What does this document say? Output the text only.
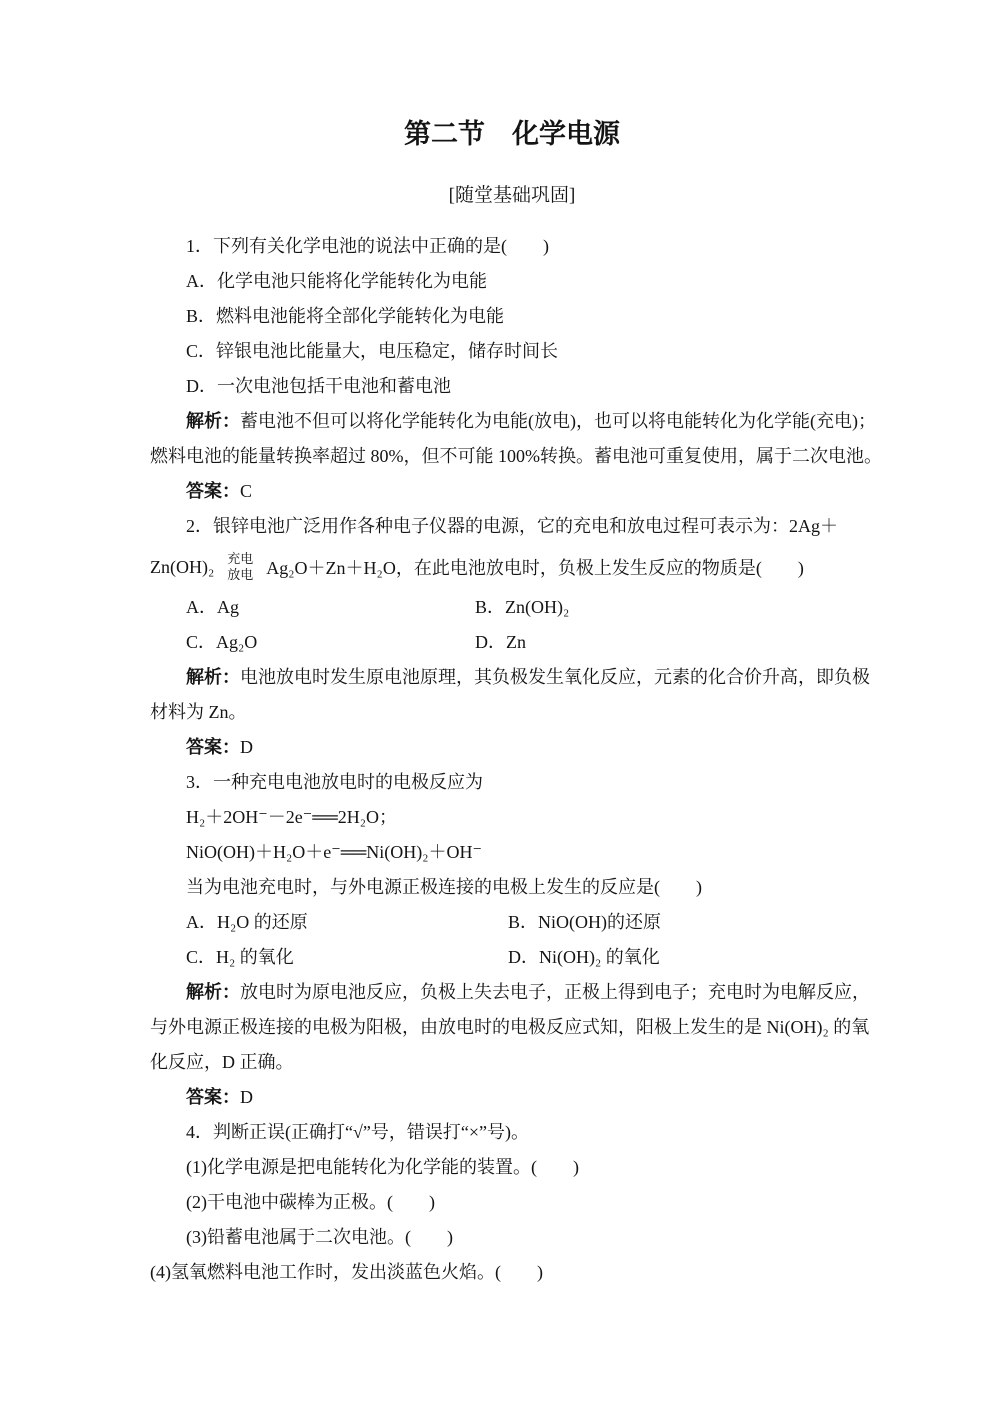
第二节　化学电源
[随堂基础巩固]
1．下列有关化学电池的说法中正确的是(　　)
A．化学电池只能将化学能转化为电能
B．燃料电池能将全部化学能转化为电能
C．锌银电池比能量大，电压稳定，储存时间长
D．一次电池包括干电池和蓄电池
解析：蓄电池不但可以将化学能转化为电能(放电)，也可以将电能转化为化学能(充电)；
燃料电池的能量转换率超过 80%，但不可能 100%转换。蓄电池可重复使用，属于二次电池。
答案：C
2．银锌电池广泛用作各种电子仪器的电源，它的充电和放电过程可表示为：2Ag＋
Zn(OH)₂ 充电
放电 Ag₂O＋Zn＋H₂O，在此电池放电时，负极上发生反应的物质是(　　)
A．Ag	B．Zn(OH)₂
C．Ag₂O	D．Zn
解析：电池放电时发生原电池原理，其负极发生氧化反应，元素的化合价升高，即负极
材料为 Zn。
答案：D
3．一种充电电池放电时的电极反应为
H₂＋2OH⁻－2e⁻══2H₂O；
NiO(OH)＋H₂O＋e⁻══Ni(OH)₂＋OH⁻
当为电池充电时，与外电源正极连接的电极上发生的反应是(　　)
A．H₂O 的还原	B．NiO(OH)的还原
C．H₂ 的氧化	D．Ni(OH)₂ 的氧化
解析：放电时为原电池反应，负极上失去电子，正极上得到电子；充电时为电解反应，
与外电源正极连接的电极为阳极，由放电时的电极反应式知，阳极上发生的是 Ni(OH)₂ 的氧
化反应，D 正确。
答案：D
4．判断正误(正确打“√”号，错误打“×”号)。
(1)化学电源是把电能转化为化学能的装置。(　　)
(2)干电池中碳棒为正极。(　　)
(3)铅蓄电池属于二次电池。(　　)
(4)氢氧燃料电池工作时，发出淡蓝色火焰。(　　)
